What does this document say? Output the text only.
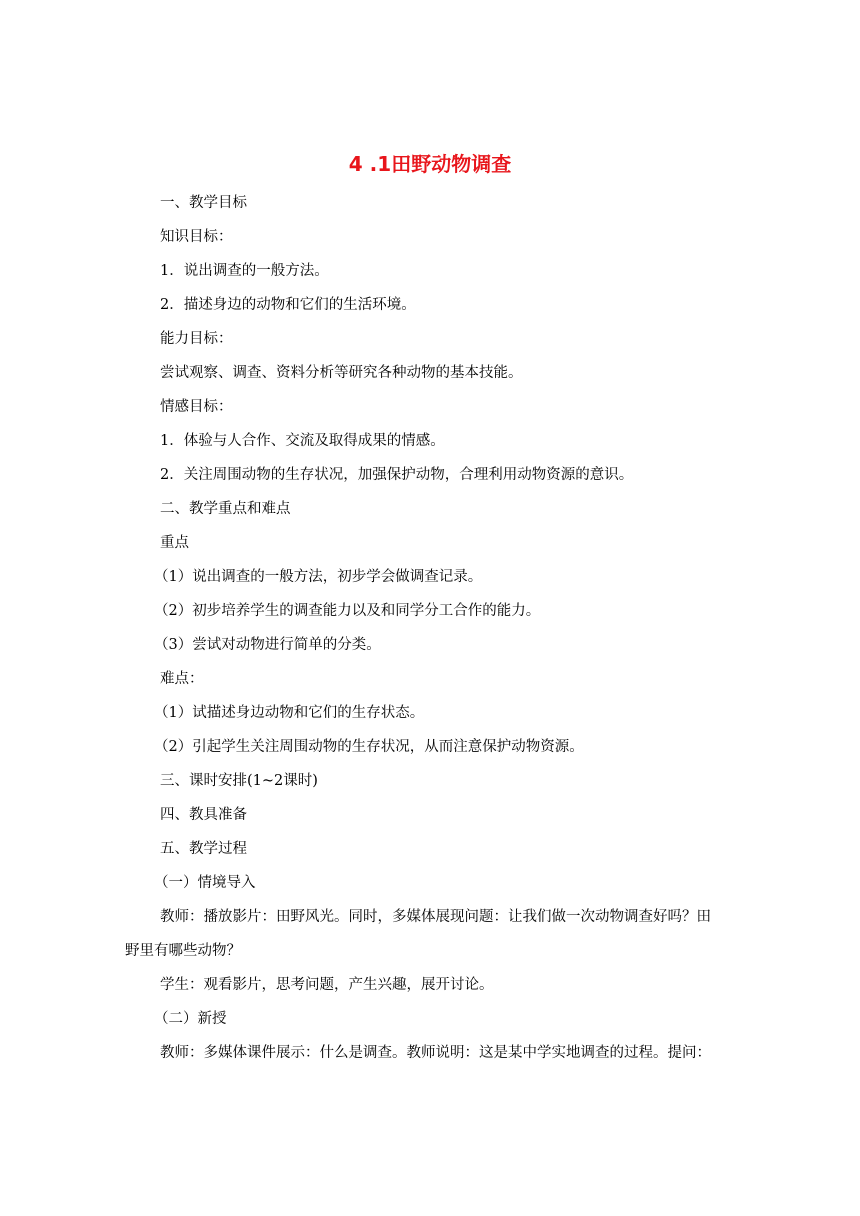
4 .1田野动物调查

一、教学目标

知识目标：

1．说出调查的一般方法。

2．描述身边的动物和它们的生活环境。

能力目标：

尝试观察、调查、资料分析等研究各种动物的基本技能。

情感目标：

1．体验与人合作、交流及取得成果的情感。

2．关注周围动物的生存状况，加强保护动物，合理利用动物资源的意识。

二、教学重点和难点

重点

（1）说出调查的一般方法，初步学会做调查记录。

（2）初步培养学生的调查能力以及和同学分工合作的能力。

（3）尝试对动物进行简单的分类。

难点：

（1）试描述身边动物和它们的生存状态。

（2）引起学生关注周围动物的生存状况，从而注意保护动物资源。

三、课时安排(1~2课时)

四、教具准备

五、教学过程

（一）情境导入

教师：播放影片：田野风光。同时，多媒体展现问题：让我们做一次动物调查好吗？田
野里有哪些动物？

学生：观看影片，思考问题，产生兴趣，展开讨论。

（二）新授

教师：多媒体课件展示：什么是调查。教师说明：这是某中学实地调查的过程。提问：
